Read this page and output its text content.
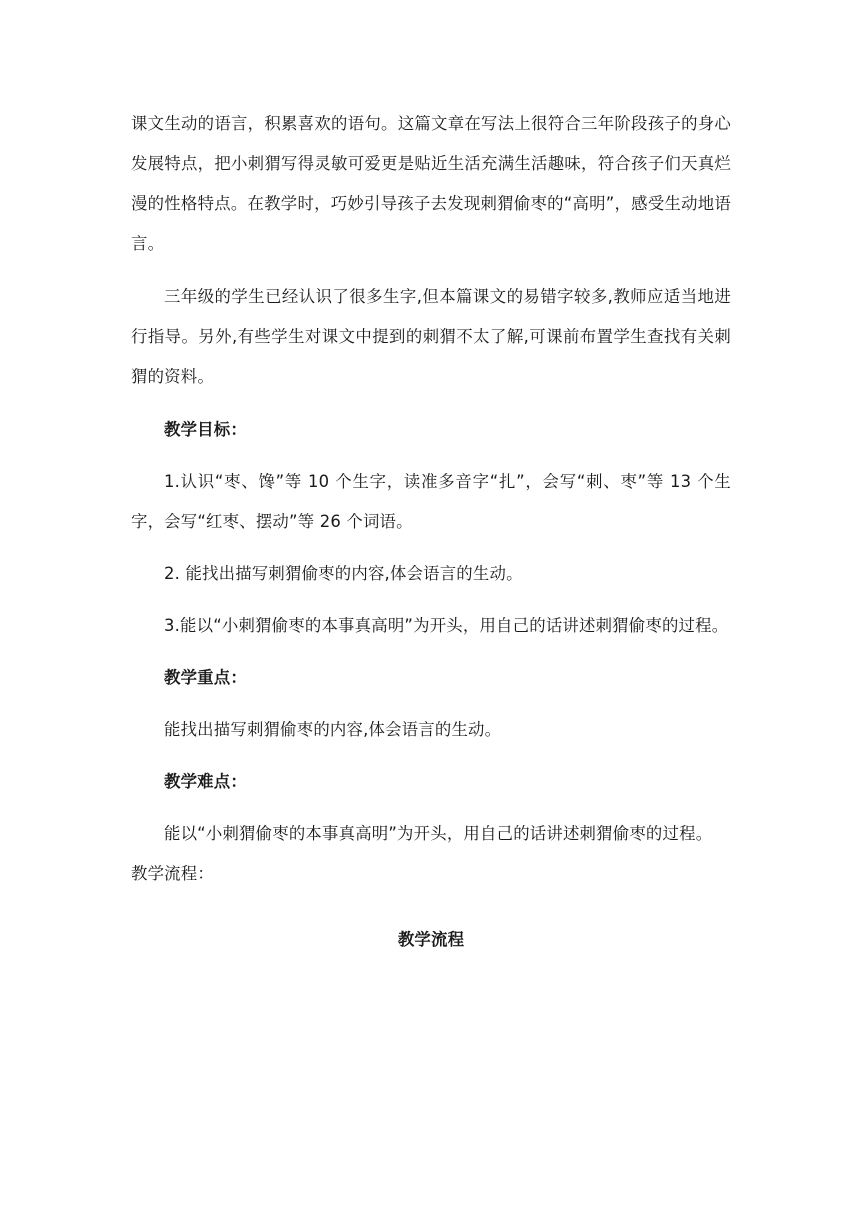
课文生动的语言，积累喜欢的语句。这篇文章在写法上很符合三年阶段孩子的身心发展特点，把小刺猬写得灵敏可爱更是贴近生活充满生活趣味，符合孩子们天真烂漫的性格特点。在教学时，巧妙引导孩子去发现刺猬偷枣的“高明”，感受生动地语言。

三年级的学生已经认识了很多生字,但本篇课文的易错字较多,教师应适当地进行指导。另外,有些学生对课文中提到的刺猬不太了解,可课前布置学生查找有关刺猬的资料。

教学目标：

1.认识“枣、馋”等 10 个生字，读准多音字“扎”，会写“刺、枣”等 13 个生字，会写“红枣、摆动”等 26 个词语。

2. 能找出描写刺猬偷枣的内容,体会语言的生动。

3.能以“小刺猬偷枣的本事真高明”为开头，用自己的话讲述刺猬偷枣的过程。

教学重点：

能找出描写刺猬偷枣的内容,体会语言的生动。

教学难点：

能以“小刺猬偷枣的本事真高明”为开头，用自己的话讲述刺猬偷枣的过程。

教学流程：

教学流程
